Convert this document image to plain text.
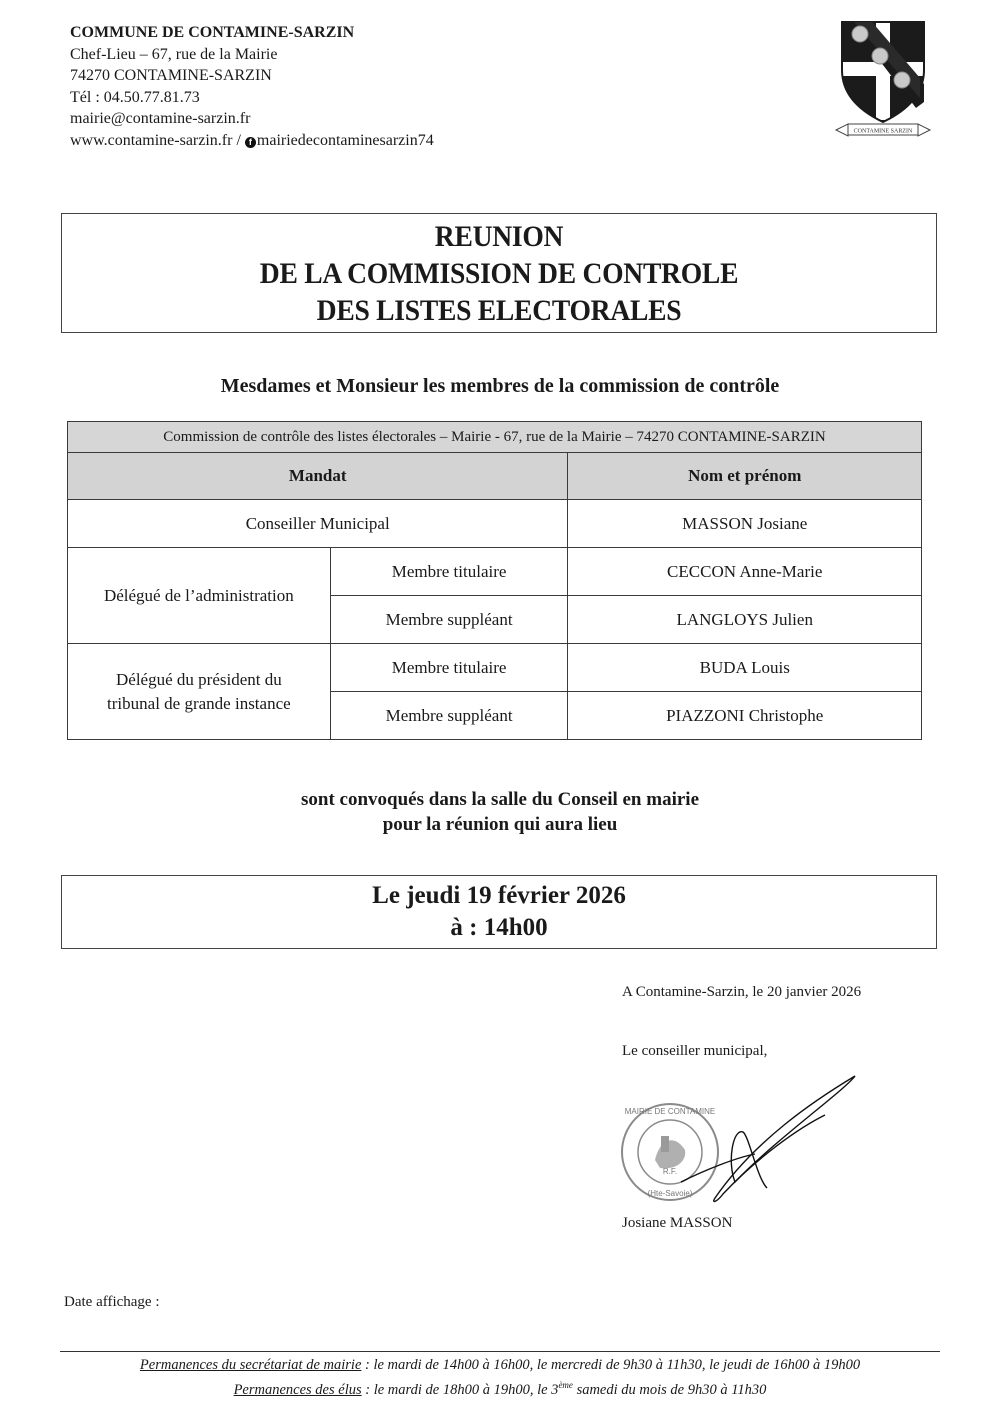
COMMUNE DE CONTAMINE-SARZIN
Chef-Lieu – 67, rue de la Mairie
74270 CONTAMINE-SARZIN
Tél : 04.50.77.81.73
mairie@contamine-sarzin.fr
www.contamine-sarzin.fr / f mairiedecontaminesarzin74	CONTAMINE SARZIN
REUNION
DE LA COMMISSION DE CONTROLE
DES LISTES ELECTORALES
Mesdames et Monsieur les membres de la commission de contrôle
Commission de contrôle des listes électorales – Mairie - 67, rue de la Mairie – 74270 CONTAMINE-SARZIN		
Mandat		Nom et prénom
Conseiller Municipal		MASSON Josiane
Délégué de l’administration	Membre titulaire	CECCON Anne-Marie
	Membre suppléant	LANGLOYS Julien

Délégué du président du
tribunal de grande instance	Membre titulaire	BUDA Louis
	Membre suppléant	PIAZZONI Christophe
sont convoqués dans la salle du Conseil en mairie
pour la réunion qui aura lieu
Le jeudi 19 février 2026
à : 14h00
A Contamine-Sarzin, le 20 janvier 2026
Le conseiller municipal,
R.F.
MAIRIE DE CONTAMINE
(Hte-Savoie)
Josiane MASSON
Date affichage :
Permanences du secrétariat de mairie : le mardi de 14h00 à 16h00, le mercredi de 9h30 à 11h30, le jeudi de 16h00 à 19h00
Permanences des élus : le mardi de 18h00 à 19h00, le 3ème samedi du mois de 9h30 à 11h30
